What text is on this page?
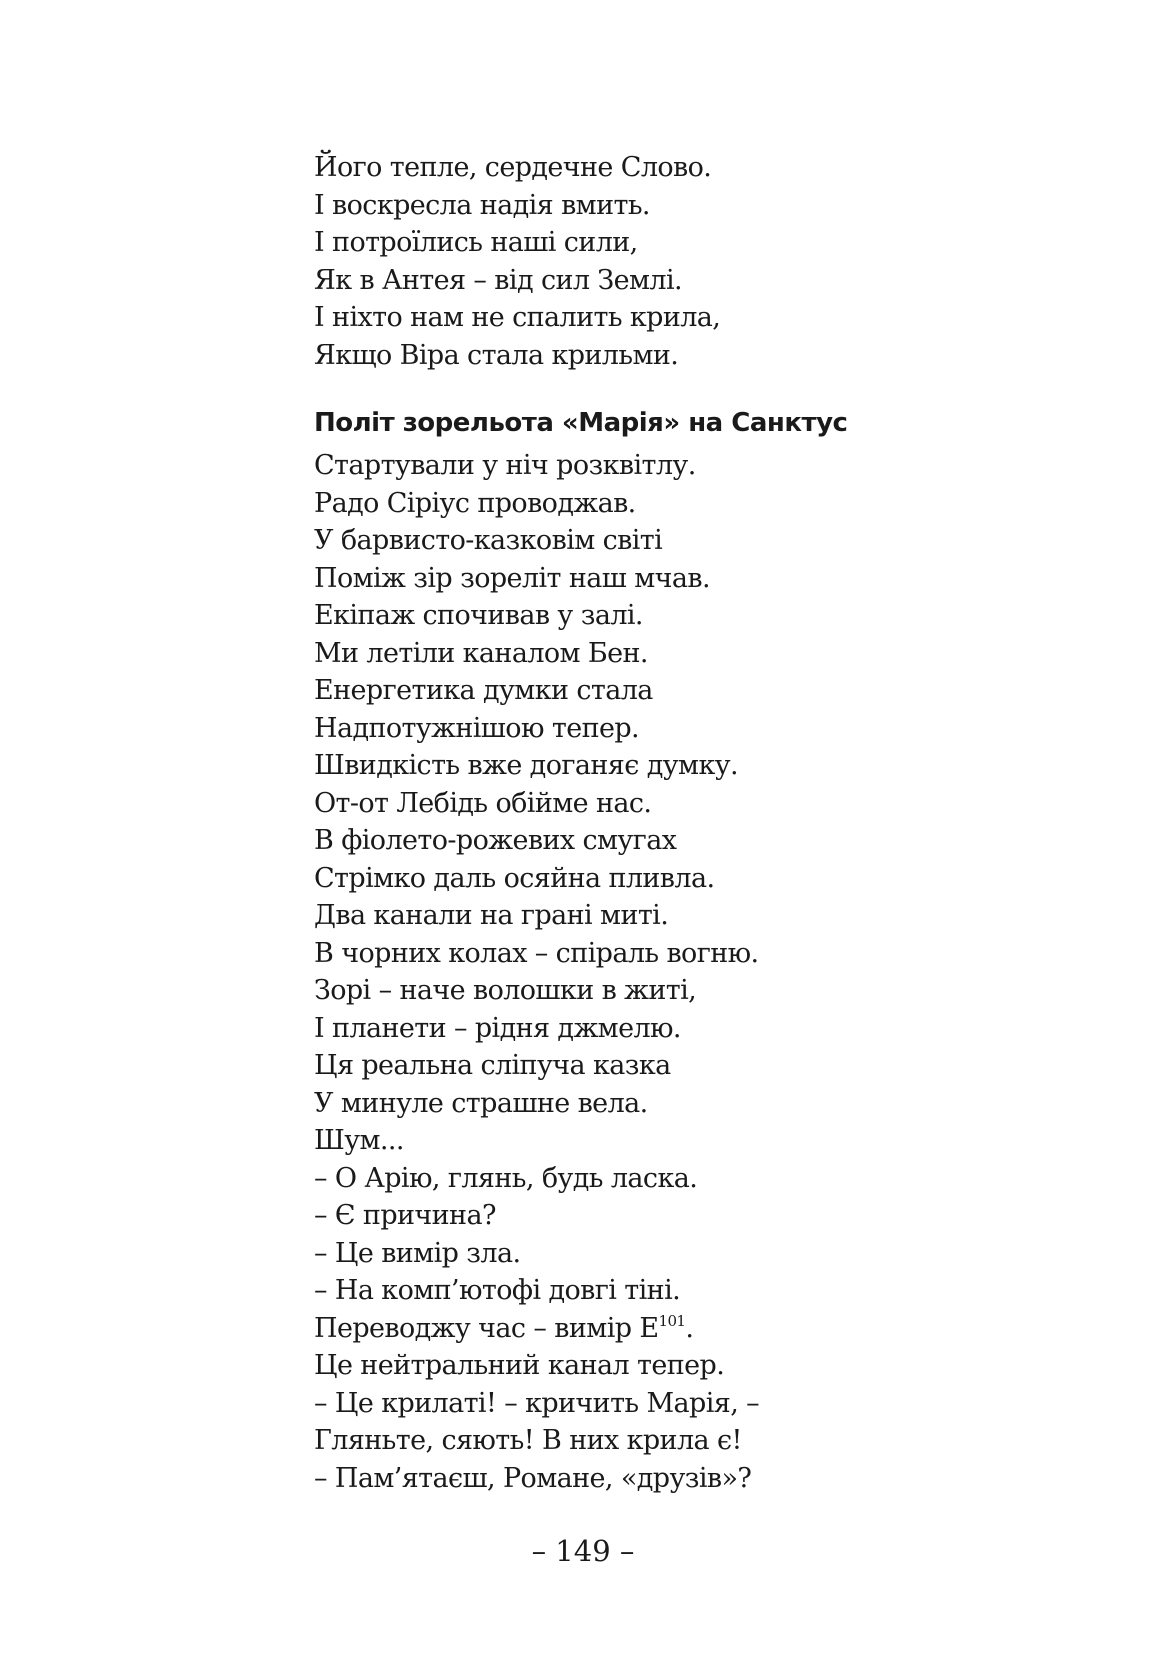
Його тепле, сердечне Слово.
І воскресла надія вмить.
І потроїлись наші сили,
Як в Антея – від сил Землі.
І ніхто нам не спалить крила,
Якщо Віра стала крильми.
Політ зорельота «Марія» на Санктус
Стартували у ніч розквітлу.
Радо Сіріус проводжав.
У барвисто-казковім світі
Поміж зір зореліт наш мчав.
Екіпаж спочивав у залі.
Ми летіли каналом Бен.
Енергетика думки стала
Надпотужнішою тепер.
Швидкість вже доганяє думку.
От-от Лебідь обійме нас.
В фіолето-рожевих смугах
Стрімко даль осяйна пливла.
Два канали на грані миті.
В чорних колах – спіраль вогню.
Зорі – наче волошки в житі,
І планети – рідня джмелю.
Ця реальна сліпуча казка
У минуле страшне вела.
Шум...
– О Арію, глянь, будь ласка.
– Є причина?
– Це вимір зла.
– На комп’ютофі довгі тіні.
Переводжу час – вимір $Е^{101}$.
Це нейтральний канал тепер.
– Це крилаті! – кричить Марія, –
Гляньте, сяють! В них крила є!
– Пам’ятаєш, Романе, «друзів»?
– 149 –
